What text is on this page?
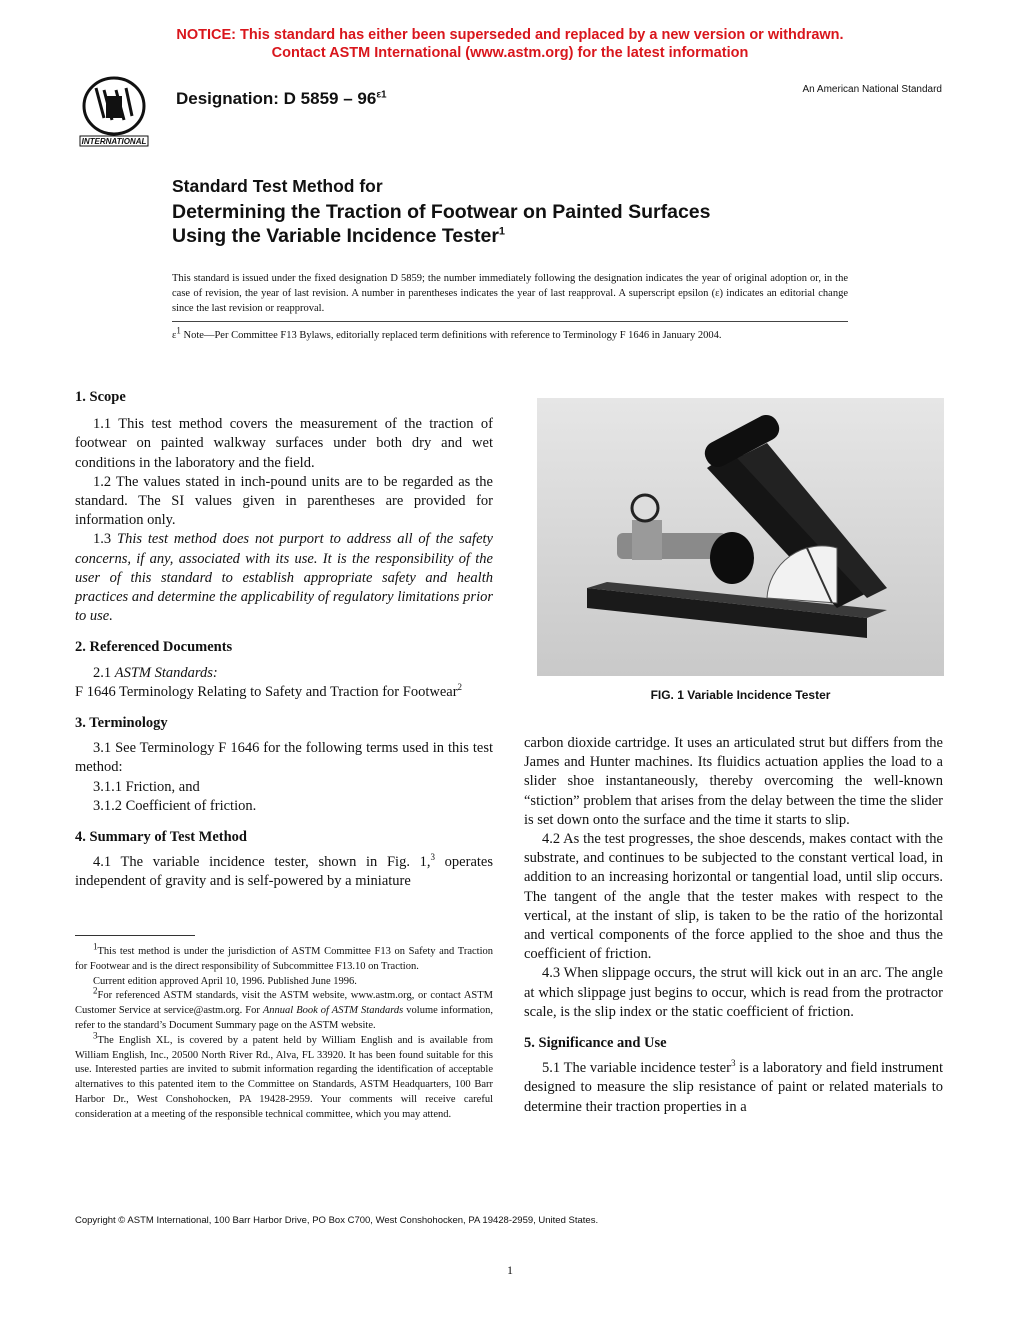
NOTICE: This standard has either been superseded and replaced by a new version or withdrawn.
Contact ASTM International (www.astm.org) for the latest information
INTERNATIONAL
Designation: D $5859 - 96^{\varepsilon 1}$	An American National Standard
Standard Test Method for
Determining the Traction of Footwear on Painted Surfaces
Using the Variable Incidence Tester$^1$
This standard is issued under the fixed designation D 5859; the number immediately following the designation indicates the year of original adoption or, in the case of revision, the year of last revision. A number in parentheses indicates the year of last reapproval. A superscript epsilon (ε) indicates an editorial change since the last revision or reapproval.
$\varepsilon^1$ Note—Per Committee F13 Bylaws, editorially replaced term definitions with reference to Terminology F 1646 in January 2004.

1. Scope

1.1 This test method covers the measurement of the traction of footwear on painted walkway surfaces under both dry and wet conditions in the laboratory and the field.

1.2 The values stated in inch-pound units are to be regarded as the standard. The SI values given in parentheses are provided for information only.

1.3 This test method does not purport to address all of the safety concerns, if any, associated with its use. It is the responsibility of the user of this standard to establish appropriate safety and health practices and determine the applicability of regulatory limitations prior to use.

2. Referenced Documents

2.1 ASTM Standards:

F 1646 Terminology Relating to Safety and Traction for Footwear$^2$

3. Terminology

3.1 See Terminology F 1646 for the following terms used in this test method:

3.1.1 Friction, and

3.1.2 Coefficient of friction.

4. Summary of Test Method

4.1 The variable incidence tester, shown in Fig. 1,$^3$ operates independent of gravity and is self-powered by a miniature

$^1$This test method is under the jurisdiction of ASTM Committee F13 on Safety and Traction for Footwear and is the direct responsibility of Subcommittee F13.10 on Traction.

Current edition approved April 10, 1996. Published June 1996.

$^2$For referenced ASTM standards, visit the ASTM website, www.astm.org, or contact ASTM Customer Service at service@astm.org. For Annual Book of ASTM Standards volume information, refer to the standard’s Document Summary page on the ASTM website.

$^3$The English XL, is covered by a patent held by William English and is available from William English, Inc., 20500 North River Rd., Alva, FL 33920. It has been found suitable for this use. Interested parties are invited to submit information regarding the identification of acceptable alternatives to this patented item to the Committee on Standards, ASTM Headquarters, 100 Barr Harbor Dr., West Conshohocken, PA 19428-2959. Your comments will receive careful consideration at a meeting of the responsible technical committee, which you may attend.

FIG. 1 Variable Incidence Tester

carbon dioxide cartridge. It uses an articulated strut but differs from the James and Hunter machines. Its fluidics actuation applies the load to a slider shoe instantaneously, thereby overcoming the well-known “stiction” problem that arises from the delay between the time the slider is set down onto the surface and the time it starts to slip.

4.2 As the test progresses, the shoe descends, makes contact with the substrate, and continues to be subjected to the constant vertical load, in addition to an increasing horizontal or tangential load, until slip occurs. The tangent of the angle that the tester makes with respect to the vertical, at the instant of slip, is taken to be the ratio of the horizontal and vertical components of the force applied to the shoe and thus the coefficient of friction.

4.3 When slippage occurs, the strut will kick out in an arc. The angle at which slippage just begins to occur, which is read from the protractor scale, is the slip index or the static coefficient of friction.

5. Significance and Use

5.1 The variable incidence tester$^3$ is a laboratory and field instrument designed to measure the slip resistance of paint or related materials to determine their traction properties in a

Copyright © ASTM International, 100 Barr Harbor Drive, PO Box C700, West Conshohocken, PA 19428-2959, United States.
1
